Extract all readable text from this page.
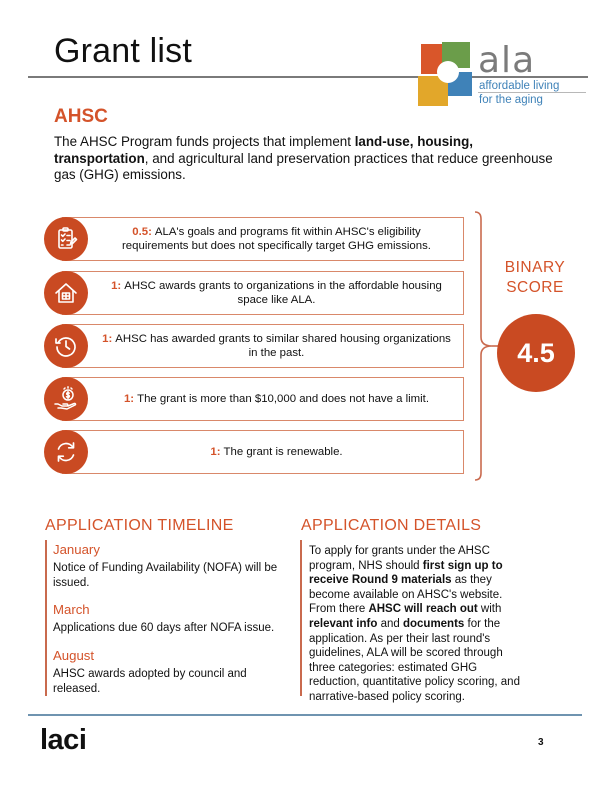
Grant list	ala
affordable living
for the aging
AHSC
The AHSC Program funds projects that implement land-use, housing, transportation, and agricultural land preservation practices that reduce greenhouse gas (GHG) emissions.
0.5: ALA's goals and programs fit within AHSC's eligibility requirements but does not specifically target GHG emissions.
1: AHSC awards grants to organizations in the affordable housing space like ALA.
1: AHSC has awarded grants to similar shared housing organizations in the past.
1: The grant is more than $10,000 and does not have a limit.
1: The grant is renewable.
BINARY
SCORE
4.5
APPLICATION TIMELINE
January
Notice of Funding Availability (NOFA) will be issued.
March
Applications due 60 days after NOFA issue.
August
AHSC awards adopted by council and released.
APPLICATION DETAILS
To apply for grants under the AHSC program, NHS should first sign up to receive Round 9 materials as they become available on AHSC's website. From there AHSC will reach out with relevant info and documents for the application. As per their last round's guidelines, ALA will be scored through three categories: estimated GHG reduction, quantitative policy scoring, and narrative-based policy scoring.
laci	3
